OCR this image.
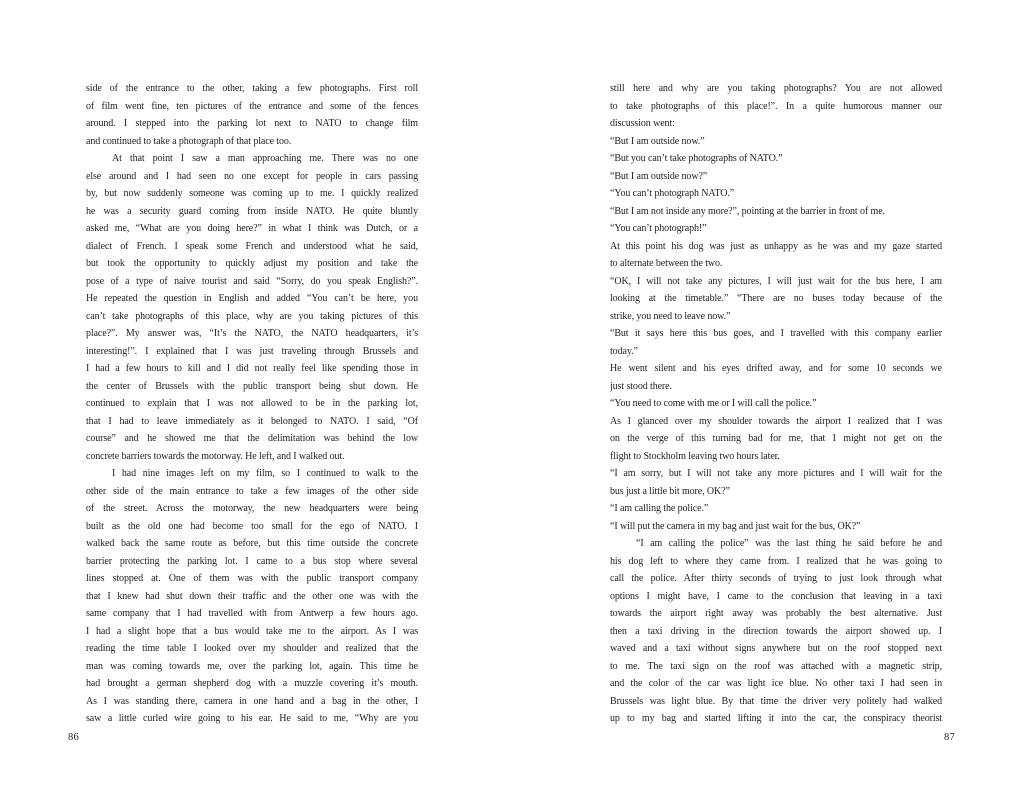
side of the entrance to the other, taking a few photographs. First roll
of film went fine, ten pictures of the entrance and some of the fences
around. I stepped into the parking lot next to NATO to change film
and continued to take a photograph of that place too.
At that point I saw a man approaching me. There was no one
else around and I had seen no one except for people in cars passing
by, but now suddenly someone was coming up to me. I quickly realized
he was a security guard coming from inside NATO. He quite bluntly
asked me, “What are you doing here?” in what I think was Dutch, or a
dialect of French. I speak some French and understood what he said,
but took the opportunity to quickly adjust my position and take the
pose of a type of naive tourist and said “Sorry, do you speak English?”.
He repeated the question in English and added “You can’t be here, you
can’t take photographs of this place, why are you taking pictures of this
place?”. My answer was, “It’s the NATO, the NATO headquarters, it’s
interesting!”. I explained that I was just traveling through Brussels and
I had a few hours to kill and I did not really feel like spending those in
the center of Brussels with the public transport being shut down. He
continued to explain that I was not allowed to be in the parking lot,
that I had to leave immediately as it belonged to NATO. I said, “Of
course” and he showed me that the delimitation was behind the low
concrete barriers towards the motorway. He left, and I walked out.
I had nine images left on my film, so I continued to walk to the
other side of the main entrance to take a few images of the other side
of the street. Across the motorway, the new headquarters were being
built as the old one had become too small for the ego of NATO. I
walked back the same route as before, but this time outside the concrete
barrier protecting the parking lot. I came to a bus stop where several
lines stopped at. One of them was with the public transport company
that I knew had shut down their traffic and the other one was with the
same company that I had travelled with from Antwerp a few hours ago.
I had a slight hope that a bus would take me to the airport. As I was
reading the time table I looked over my shoulder and realized that the
man was coming towards me, over the parking lot, again. This time he
had brought a german shepherd dog with a muzzle covering it’s mouth.
As I was standing there, camera in one hand and a bag in the other, I
saw a little curled wire going to his ear. He said to me, “Why are you
86
still here and why are you taking photographs? You are not allowed
to take photographs of this place!”. In a quite humorous manner our
discussion went:
“But I am outside now.”
“But you can’t take photographs of NATO.”
“But I am outside now?”
“You can’t photograph NATO.”
“But I am not inside any more?”, pointing at the barrier in front of me.
“You can’t photograph!”
At this point his dog was just as unhappy as he was and my gaze started
to alternate between the two.
“OK, I will not take any pictures, I will just wait for the bus here, I am
looking at the timetable.” “There are no buses today because of the
strike, you need to leave now.”
“But it says here this bus goes, and I travelled with this company earlier
today.”
He went silent and his eyes drifted away, and for some 10 seconds we
just stood there.
“You need to come with me or I will call the police.”
As I glanced over my shoulder towards the airport I realized that I was
on the verge of this turning bad for me, that I might not get on the
flight to Stockholm leaving two hours later.
“I am sorry, but I will not take any more pictures and I will wait for the
bus just a little bit more, OK?”
“I am calling the police.”
“I will put the camera in my bag and just wait for the bus, OK?”
“I am calling the police” was the last thing he said before he and
his dog left to where they came from. I realized that he was going to
call the police. After thirty seconds of trying to just look through what
options I might have, I came to the conclusion that leaving in a taxi
towards the airport right away was probably the best alternative. Just
then a taxi driving in the direction towards the airport showed up. I
waved and a taxi without signs anywhere but on the roof stopped next
to me. The taxi sign on the roof was attached with a magnetic strip,
and the color of the car was light ice blue. No other taxi I had seen in
Brussels was light blue. By that time the driver very politely had walked
up to my bag and started lifting it into the car, the conspiracy theorist
87
